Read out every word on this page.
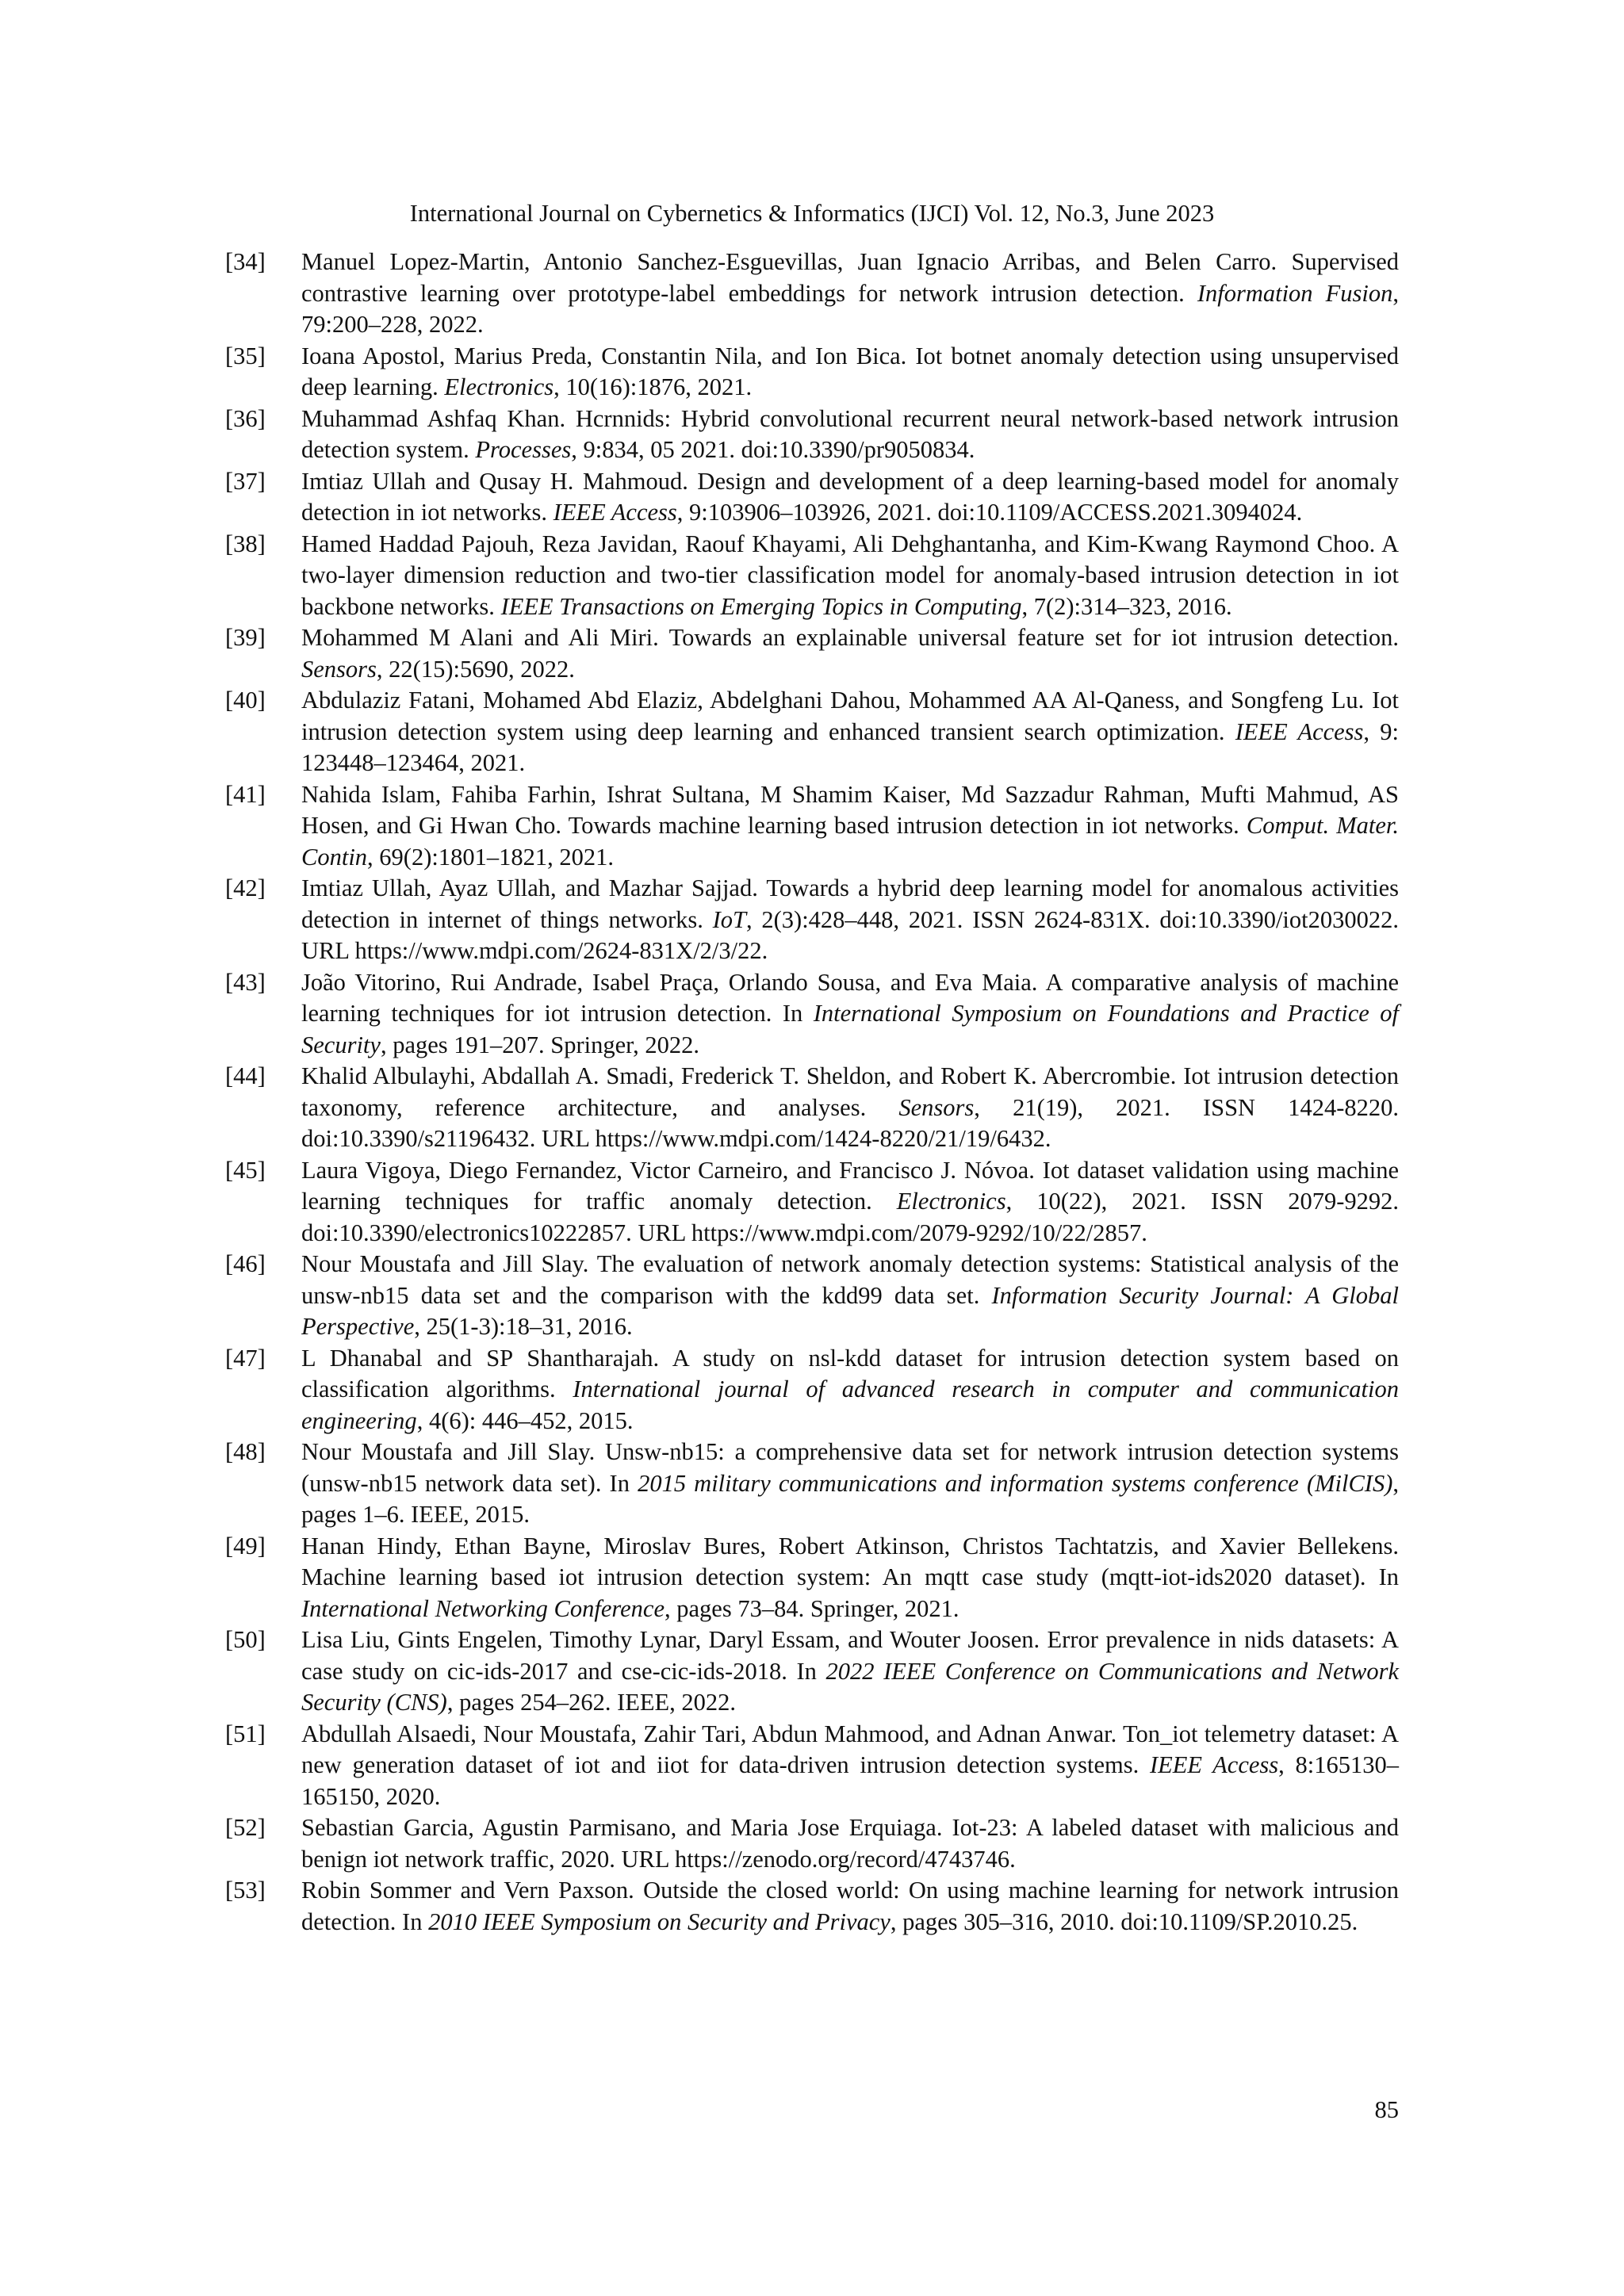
International Journal on Cybernetics & Informatics (IJCI) Vol. 12, No.3, June 2023
[34]	Manuel Lopez-Martin, Antonio Sanchez-Esguevillas, Juan Ignacio Arribas, and Belen Carro. Supervised contrastive learning over prototype-label embeddings for network intrusion detection. Information Fusion, 79:200–228, 2022.
[35]	Ioana Apostol, Marius Preda, Constantin Nila, and Ion Bica. Iot botnet anomaly detection using unsupervised deep learning. Electronics, 10(16):1876, 2021.
[36]	Muhammad Ashfaq Khan. Hcrnnids: Hybrid convolutional recurrent neural network-based network intrusion detection system. Processes, 9:834, 05 2021. doi:10.3390/pr9050834.
[37]	Imtiaz Ullah and Qusay H. Mahmoud. Design and development of a deep learning-based model for anomaly detection in iot networks. IEEE Access, 9:103906–103926, 2021. doi:10.1109/ACCESS.2021.3094024.
[38]	Hamed Haddad Pajouh, Reza Javidan, Raouf Khayami, Ali Dehghantanha, and Kim-Kwang Raymond Choo. A two-layer dimension reduction and two-tier classification model for anomaly-based intrusion detection in iot backbone networks. IEEE Transactions on Emerging Topics in Computing, 7(2):314–323, 2016.
[39]	Mohammed M Alani and Ali Miri. Towards an explainable universal feature set for iot intrusion detection. Sensors, 22(15):5690, 2022.
[40]	Abdulaziz Fatani, Mohamed Abd Elaziz, Abdelghani Dahou, Mohammed AA Al-Qaness, and Songfeng Lu. Iot intrusion detection system using deep learning and enhanced transient search optimization. IEEE Access, 9: 123448–123464, 2021.
[41]	Nahida Islam, Fahiba Farhin, Ishrat Sultana, M Shamim Kaiser, Md Sazzadur Rahman, Mufti Mahmud, AS Hosen, and Gi Hwan Cho. Towards machine learning based intrusion detection in iot networks. Comput. Mater. Contin, 69(2):1801–1821, 2021.
[42]	Imtiaz Ullah, Ayaz Ullah, and Mazhar Sajjad. Towards a hybrid deep learning model for anomalous activities detection in internet of things networks. IoT, 2(3):428–448, 2021. ISSN 2624-831X. doi:10.3390/iot2030022. URL https://www.mdpi.com/2624-831X/2/3/22.
[43]	João Vitorino, Rui Andrade, Isabel Praça, Orlando Sousa, and Eva Maia. A comparative analysis of machine learning techniques for iot intrusion detection. In International Symposium on Foundations and Practice of Security, pages 191–207. Springer, 2022.
[44]	Khalid Albulayhi, Abdallah A. Smadi, Frederick T. Sheldon, and Robert K. Abercrombie. Iot intrusion detection taxonomy, reference architecture, and analyses. Sensors, 21(19), 2021. ISSN 1424-8220. doi:10.3390/s21196432. URL https://www.mdpi.com/1424-8220/21/19/6432.
[45]	Laura Vigoya, Diego Fernandez, Victor Carneiro, and Francisco J. Nóvoa. Iot dataset validation using machine learning techniques for traffic anomaly detection. Electronics, 10(22), 2021. ISSN 2079-9292. doi:10.3390/electronics10222857. URL https://www.mdpi.com/2079-9292/10/22/2857.
[46]	Nour Moustafa and Jill Slay. The evaluation of network anomaly detection systems: Statistical analysis of the unsw-nb15 data set and the comparison with the kdd99 data set. Information Security Journal: A Global Perspective, 25(1-3):18–31, 2016.
[47]	L Dhanabal and SP Shantharajah. A study on nsl-kdd dataset for intrusion detection system based on classification algorithms. International journal of advanced research in computer and communication engineering, 4(6): 446–452, 2015.
[48]	Nour Moustafa and Jill Slay. Unsw-nb15: a comprehensive data set for network intrusion detection systems (unsw-nb15 network data set). In 2015 military communications and information systems conference (MilCIS), pages 1–6. IEEE, 2015.
[49]	Hanan Hindy, Ethan Bayne, Miroslav Bures, Robert Atkinson, Christos Tachtatzis, and Xavier Bellekens. Machine learning based iot intrusion detection system: An mqtt case study (mqtt-iot-ids2020 dataset). In International Networking Conference, pages 73–84. Springer, 2021.
[50]	Lisa Liu, Gints Engelen, Timothy Lynar, Daryl Essam, and Wouter Joosen. Error prevalence in nids datasets: A case study on cic-ids-2017 and cse-cic-ids-2018. In 2022 IEEE Conference on Communications and Network Security (CNS), pages 254–262. IEEE, 2022.
[51]	Abdullah Alsaedi, Nour Moustafa, Zahir Tari, Abdun Mahmood, and Adnan Anwar. Ton_iot telemetry dataset: A new generation dataset of iot and iiot for data-driven intrusion detection systems. IEEE Access, 8:165130–165150, 2020.
[52]	Sebastian Garcia, Agustin Parmisano, and Maria Jose Erquiaga. Iot-23: A labeled dataset with malicious and benign iot network traffic, 2020. URL https://zenodo.org/record/4743746.
[53]	Robin Sommer and Vern Paxson. Outside the closed world: On using machine learning for network intrusion detection. In 2010 IEEE Symposium on Security and Privacy, pages 305–316, 2010. doi:10.1109/SP.2010.25.
85
